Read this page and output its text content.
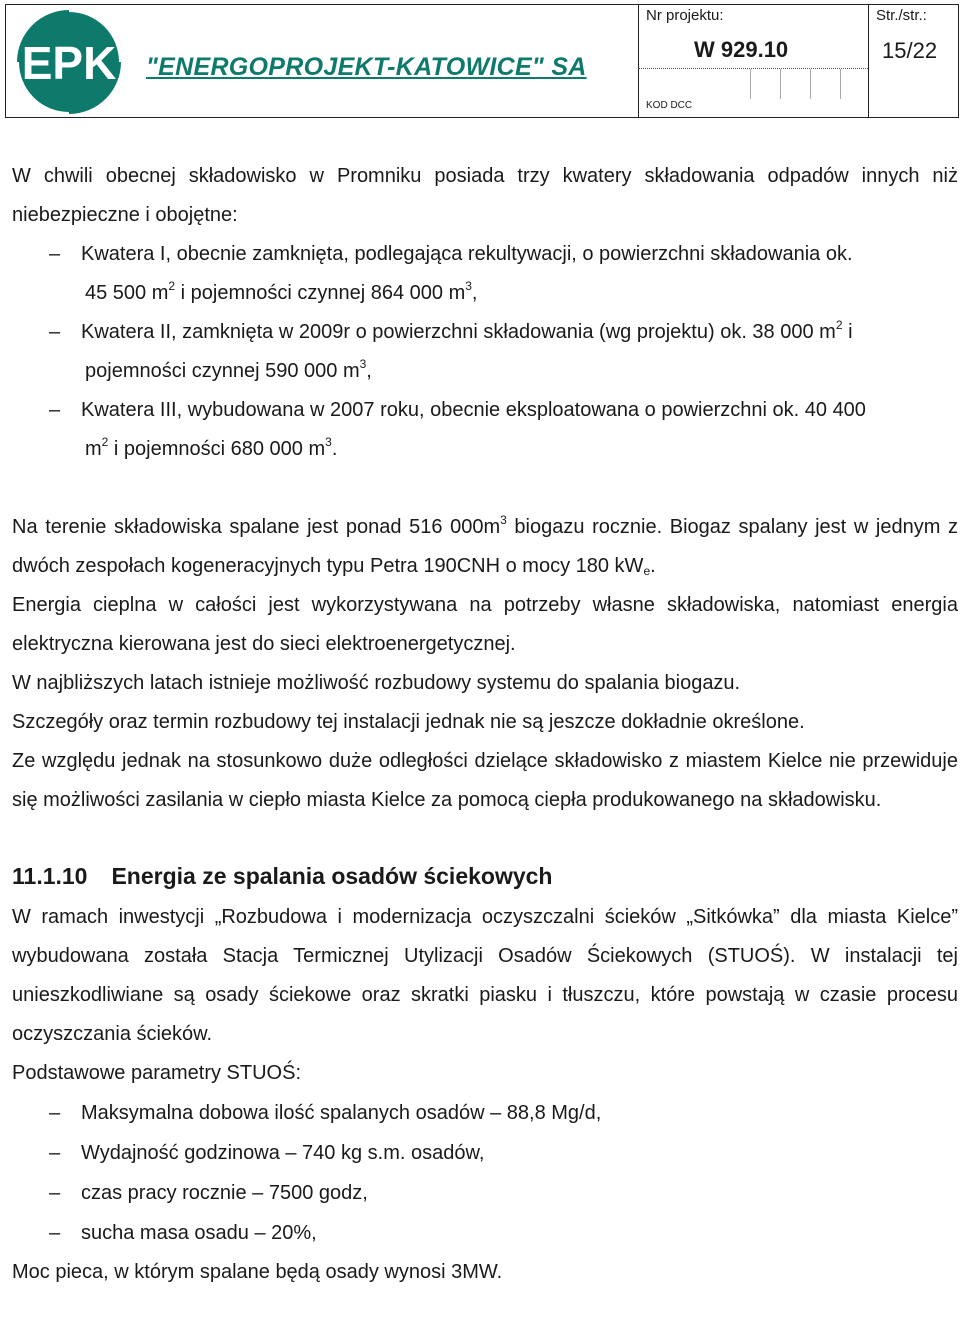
EPK "ENERGOPROJEKT-KATOWICE" SA
Nr projektu:
W 929.10
KOD DCC
Str./str.:
15/22

W chwili obecnej składowisko w Promniku posiada trzy kwatery składowania odpadów innych niż niebezpieczne i obojętne:

– Kwatera I, obecnie zamknięta, podlegająca rekultywacji, o powierzchni składowania ok.
45 500 $m^2$ i pojemności czynnej 864 000 $m^3$,
– Kwatera II, zamknięta w 2009r o powierzchni składowania (wg projektu) ok. 38 000 $m^2$ i
pojemności czynnej 590 000 $m^3$,
– Kwatera III, wybudowana w 2007 roku, obecnie eksploatowana o powierzchni ok. 40 400
$m^2$ i pojemności 680 000 $m^3$.

Na terenie składowiska spalane jest ponad 516 $000m^3$ biogazu rocznie. Biogaz spalany jest w jednym z dwóch zespołach kogeneracyjnych typu Petra 190CNH o mocy 180 $kW_e$.

Energia cieplna w całości jest wykorzystywana na potrzeby własne składowiska, natomiast energia elektryczna kierowana jest do sieci elektroenergetycznej.

W najbliższych latach istnieje możliwość rozbudowy systemu do spalania biogazu.

Szczegóły oraz termin rozbudowy tej instalacji jednak nie są jeszcze dokładnie określone.

Ze względu jednak na stosunkowo duże odległości dzielące składowisko z miastem Kielce nie przewiduje się możliwości zasilania w ciepło miasta Kielce za pomocą ciepła produkowanego na składowisku.

11.1.10 Energia ze spalania osadów ściekowych

W ramach inwestycji „Rozbudowa i modernizacja oczyszczalni ścieków „Sitkówka” dla miasta Kielce” wybudowana została Stacja Termicznej Utylizacji Osadów Ściekowych (STUOŚ). W instalacji tej unieszkodliwiane są osady ściekowe oraz skratki piasku i tłuszczu, które powstają w czasie procesu oczyszczania ścieków.

Podstawowe parametry STUOŚ:

– Maksymalna dobowa ilość spalanych osadów – 88,8 Mg/d,
– Wydajność godzinowa – 740 kg s.m. osadów,
– czas pracy rocznie – 7500 godz,
– sucha masa osadu – 20%,

Moc pieca, w którym spalane będą osady wynosi 3MW.
